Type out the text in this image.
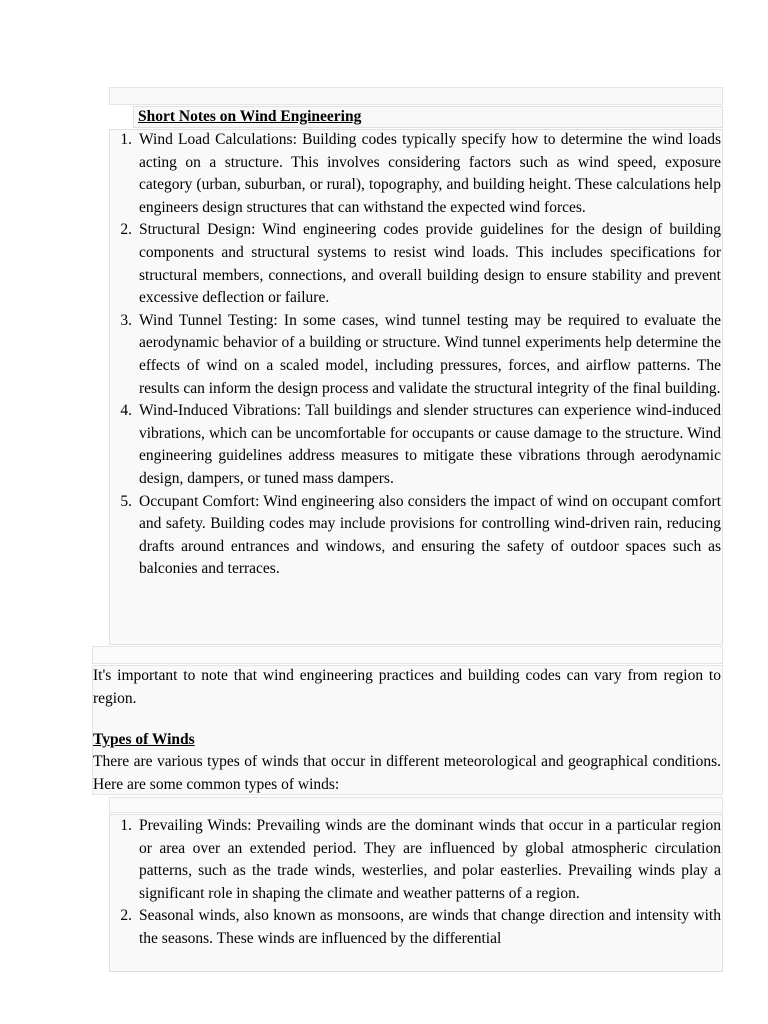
Short Notes on Wind Engineering
1. Wind Load Calculations: Building codes typically specify how to determine the wind loads acting on a structure. This involves considering factors such as wind speed, exposure category (urban, suburban, or rural), topography, and building height. These calculations help engineers design structures that can withstand the expected wind forces.
2. Structural Design: Wind engineering codes provide guidelines for the design of building components and structural systems to resist wind loads. This includes specifications for structural members, connections, and overall building design to ensure stability and prevent excessive deflection or failure.
3. Wind Tunnel Testing: In some cases, wind tunnel testing may be required to evaluate the aerodynamic behavior of a building or structure. Wind tunnel experiments help determine the effects of wind on a scaled model, including pressures, forces, and airflow patterns. The results can inform the design process and validate the structural integrity of the final building.
4. Wind-Induced Vibrations: Tall buildings and slender structures can experience wind-induced vibrations, which can be uncomfortable for occupants or cause damage to the structure. Wind engineering guidelines address measures to mitigate these vibrations through aerodynamic design, dampers, or tuned mass dampers.
5. Occupant Comfort: Wind engineering also considers the impact of wind on occupant comfort and safety. Building codes may include provisions for controlling wind-driven rain, reducing drafts around entrances and windows, and ensuring the safety of outdoor spaces such as balconies and terraces.
It's important to note that wind engineering practices and building codes can vary from region to region.
Types of Winds
There are various types of winds that occur in different meteorological and geographical conditions. Here are some common types of winds:
1. Prevailing Winds: Prevailing winds are the dominant winds that occur in a particular region or area over an extended period. They are influenced by global atmospheric circulation patterns, such as the trade winds, westerlies, and polar easterlies. Prevailing winds play a significant role in shaping the climate and weather patterns of a region.
2. Seasonal winds, also known as monsoons, are winds that change direction and intensity with the seasons. These winds are influenced by the differential
